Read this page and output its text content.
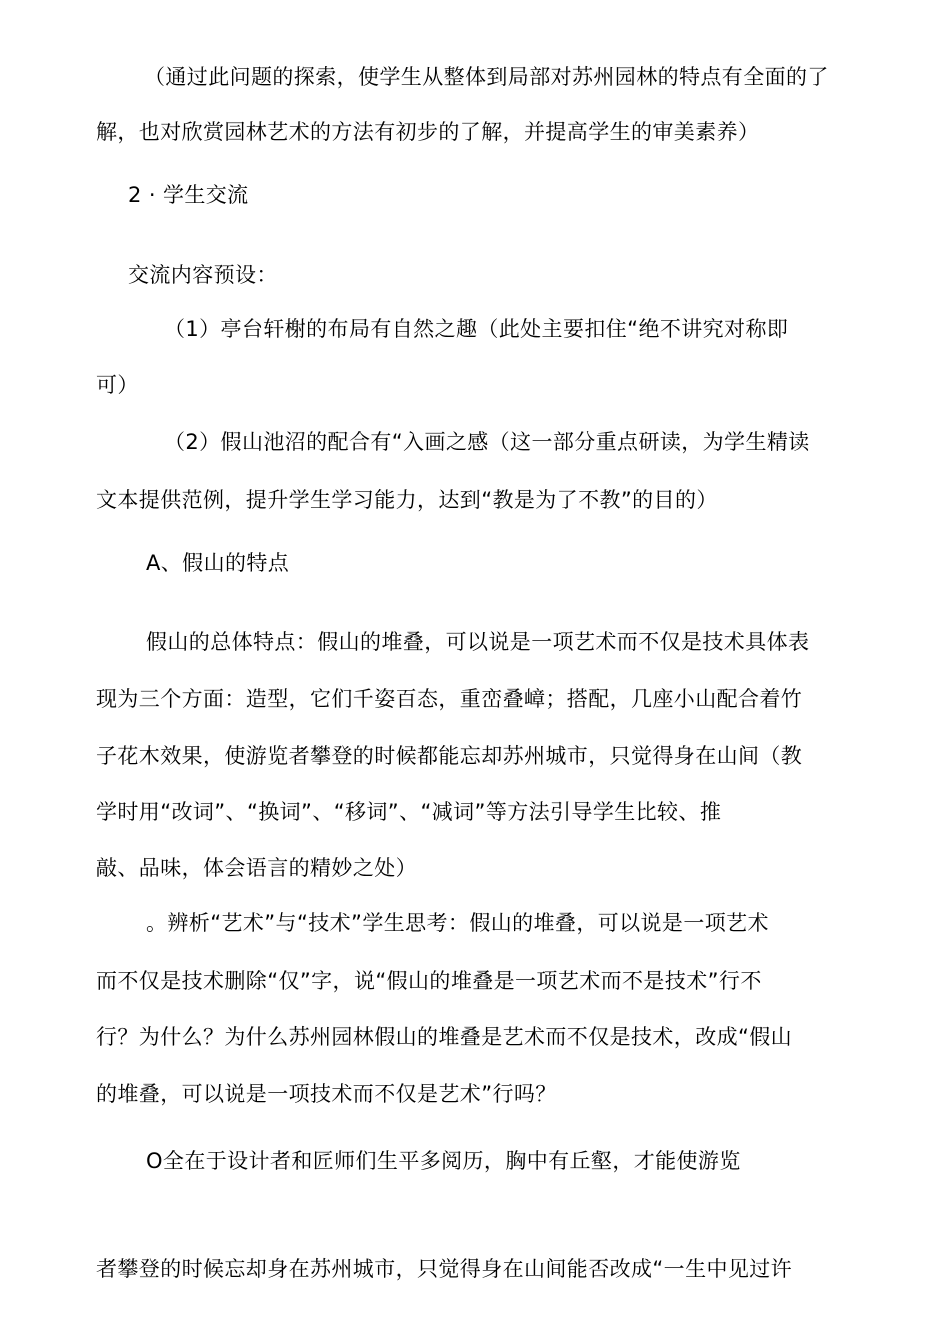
（通过此问题的探索，使学生从整体到局部对苏州园林的特点有全面的了
解，也对欣赏园林艺术的方法有初步的了解，并提高学生的审美素养）
2 · 学生交流
交流内容预设：
（1）亭台轩榭的布局有自然之趣（此处主要扣住“绝不讲究对称即
可）
（2）假山池沼的配合有“入画之感（这一部分重点研读，为学生精读
文本提供范例，提升学生学习能力，达到“教是为了不教”的目的）
A、假山的特点
假山的总体特点：假山的堆叠，可以说是一项艺术而不仅是技术具体表
现为三个方面：造型，它们千姿百态，重峦叠嶂；搭配，几座小山配合着竹
子花木效果，使游览者攀登的时候都能忘却苏州城市，只觉得身在山间（教
学时用“改词”、“换词”、“移词”、“减词”等方法引导学生比较、推
敲、品味，体会语言的精妙之处）
。辨析“艺术”与“技术”学生思考：假山的堆叠，可以说是一项艺术
而不仅是技术删除“仅”字，说“假山的堆叠是一项艺术而不是技术”行不
行？为什么？为什么苏州园林假山的堆叠是艺术而不仅是技术，改成“假山
的堆叠，可以说是一项技术而不仅是艺术”行吗？
O全在于设计者和匠师们生平多阅历，胸中有丘壑，才能使游览
者攀登的时候忘却身在苏州城市，只觉得身在山间能否改成“一生中见过许
